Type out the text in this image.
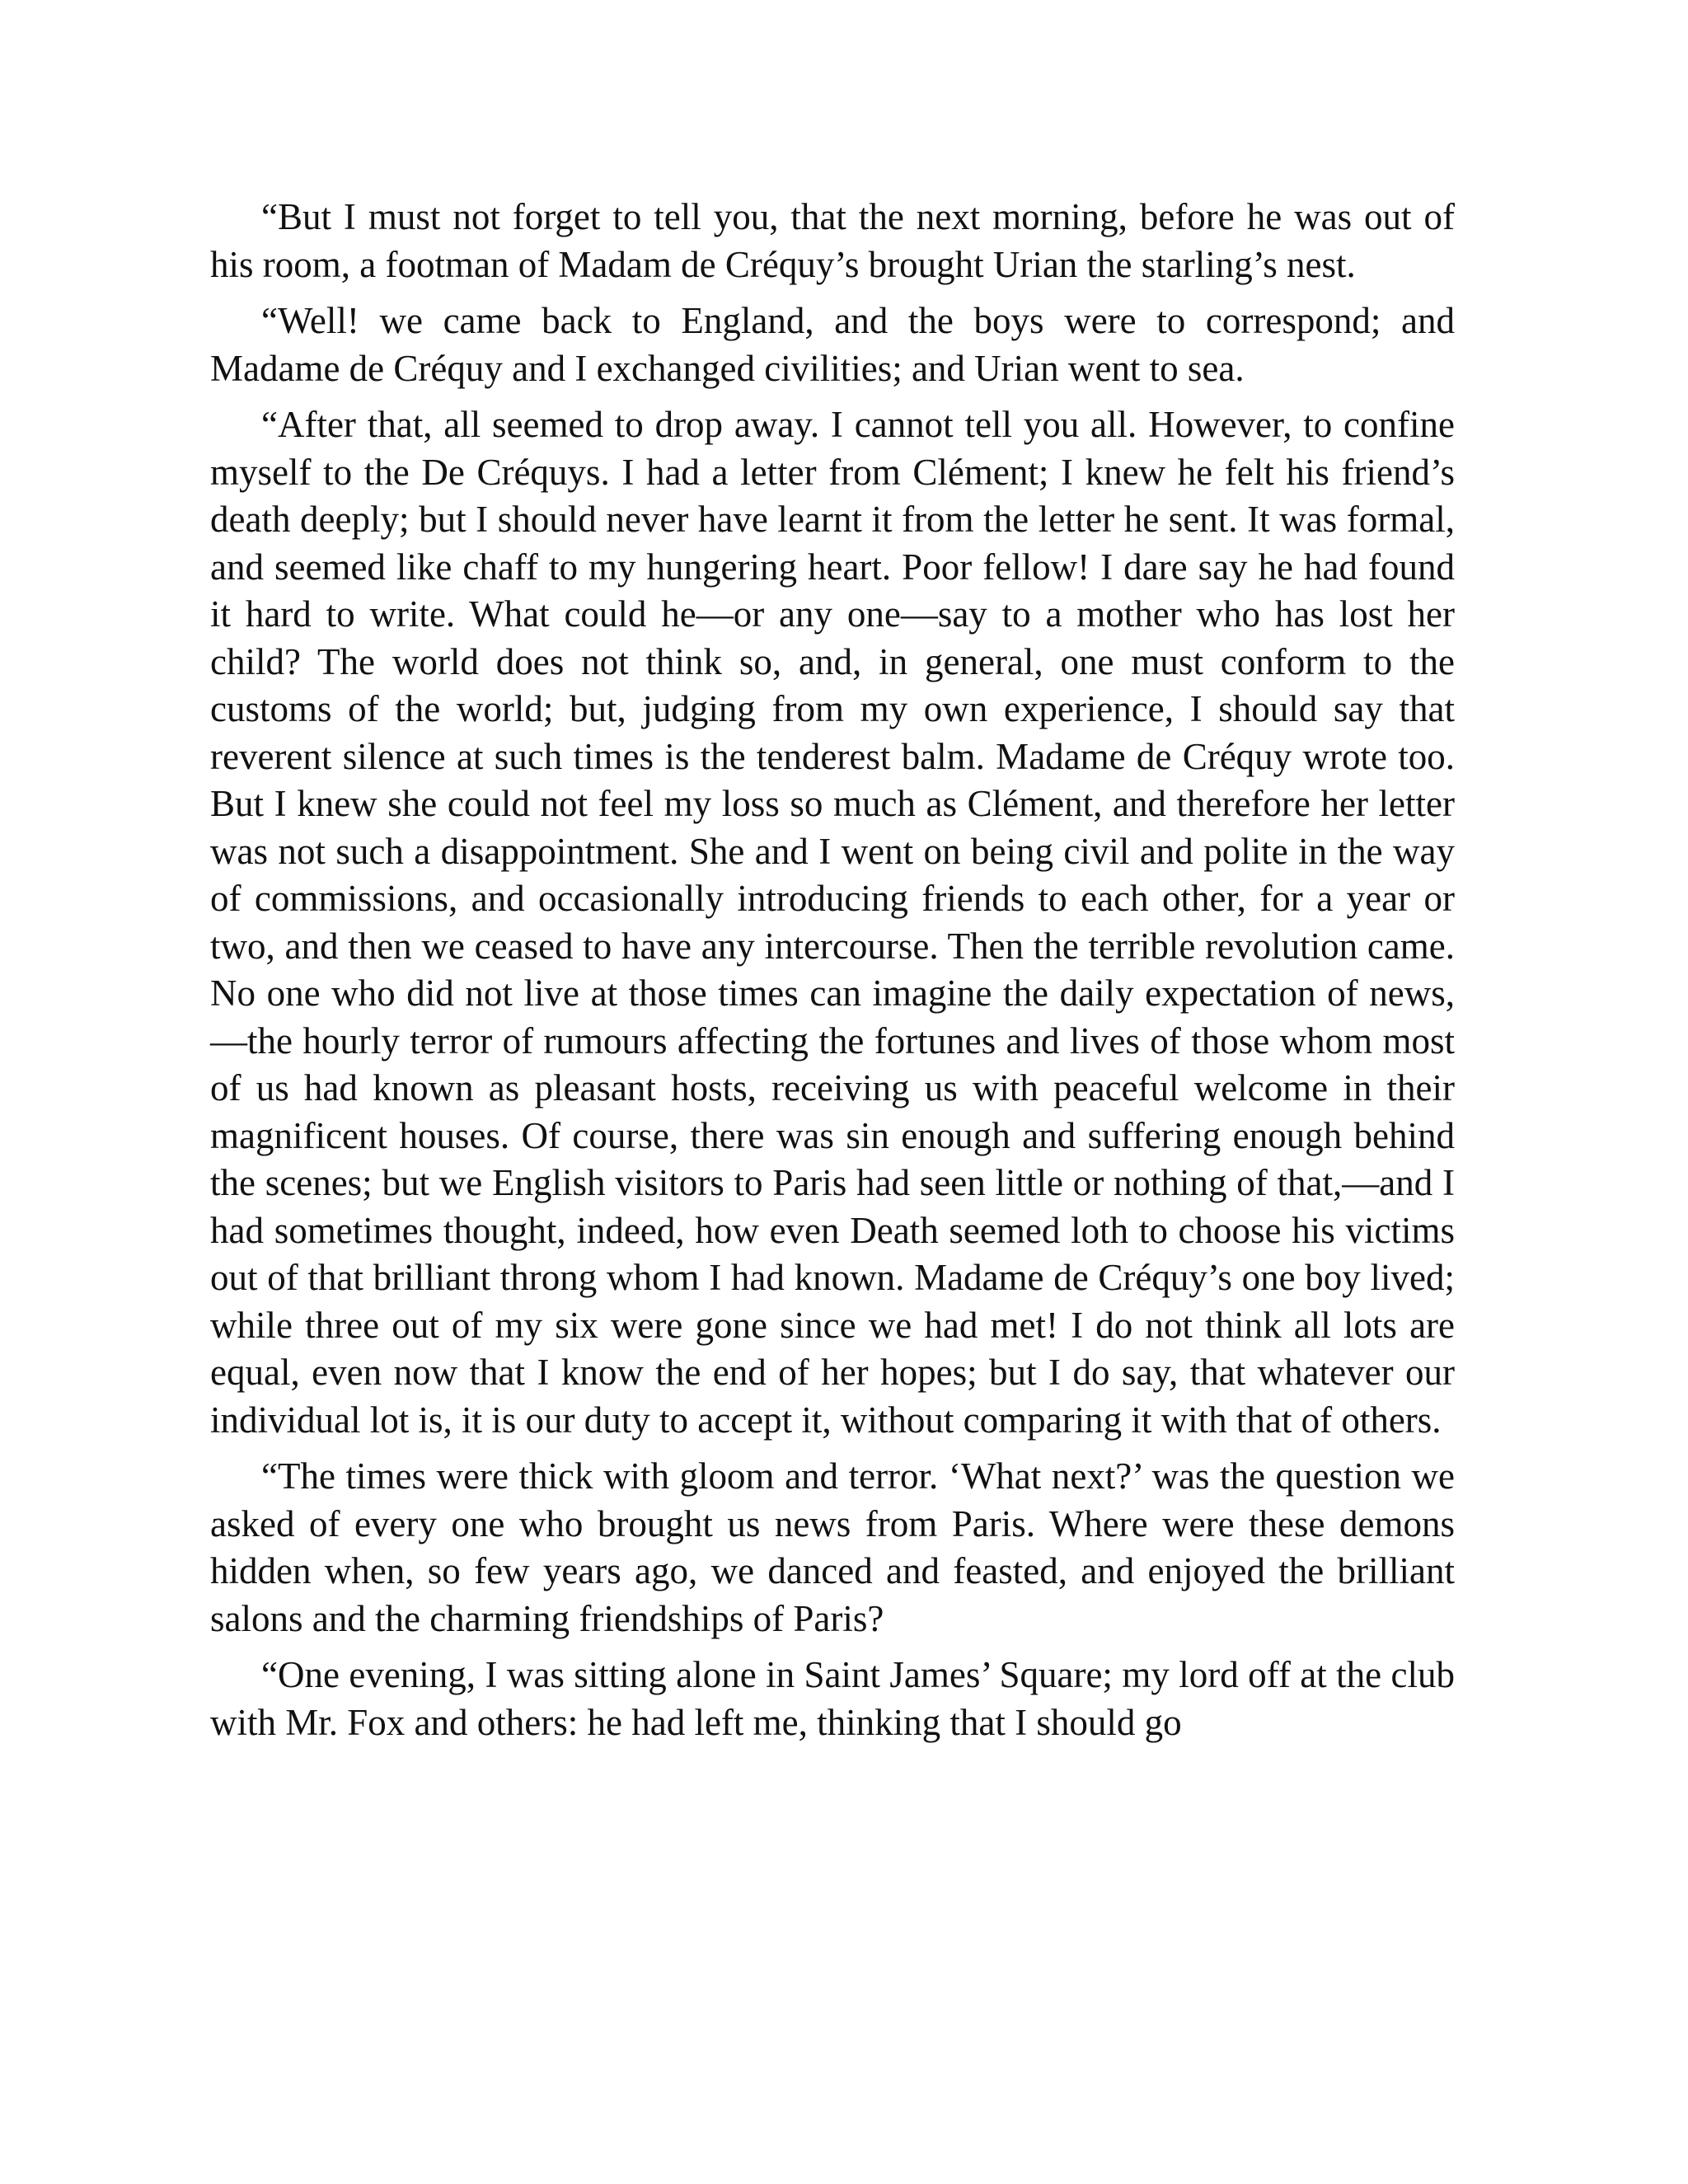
“But I must not forget to tell you, that the next morning, before he was out of his room, a footman of Madam de Créquy’s brought Urian the starling’s nest.

“Well! we came back to England, and the boys were to correspond; and Madame de Créquy and I exchanged civilities; and Urian went to sea.

“After that, all seemed to drop away. I cannot tell you all. However, to confine myself to the De Créquys. I had a letter from Clément; I knew he felt his friend’s death deeply; but I should never have learnt it from the letter he sent. It was formal, and seemed like chaff to my hungering heart. Poor fellow! I dare say he had found it hard to write. What could he—or any one—say to a mother who has lost her child? The world does not think so, and, in general, one must conform to the customs of the world; but, judging from my own experience, I should say that reverent silence at such times is the tenderest balm. Madame de Créquy wrote too. But I knew she could not feel my loss so much as Clément, and therefore her letter was not such a disappointment. She and I went on being civil and polite in the way of commissions, and occasionally introducing friends to each other, for a year or two, and then we ceased to have any intercourse. Then the terrible revolution came. No one who did not live at those times can imagine the daily expectation of news,—the hourly terror of rumours affecting the fortunes and lives of those whom most of us had known as pleasant hosts, receiving us with peaceful welcome in their magnificent houses. Of course, there was sin enough and suffering enough behind the scenes; but we English visitors to Paris had seen little or nothing of that,—and I had sometimes thought, indeed, how even Death seemed loth to choose his victims out of that brilliant throng whom I had known. Madame de Créquy’s one boy lived; while three out of my six were gone since we had met! I do not think all lots are equal, even now that I know the end of her hopes; but I do say, that whatever our individual lot is, it is our duty to accept it, without comparing it with that of others.

“The times were thick with gloom and terror. ‘What next?’ was the question we asked of every one who brought us news from Paris. Where were these demons hidden when, so few years ago, we danced and feasted, and enjoyed the brilliant salons and the charming friendships of Paris?

“One evening, I was sitting alone in Saint James’ Square; my lord off at the club with Mr. Fox and others: he had left me, thinking that I should go
